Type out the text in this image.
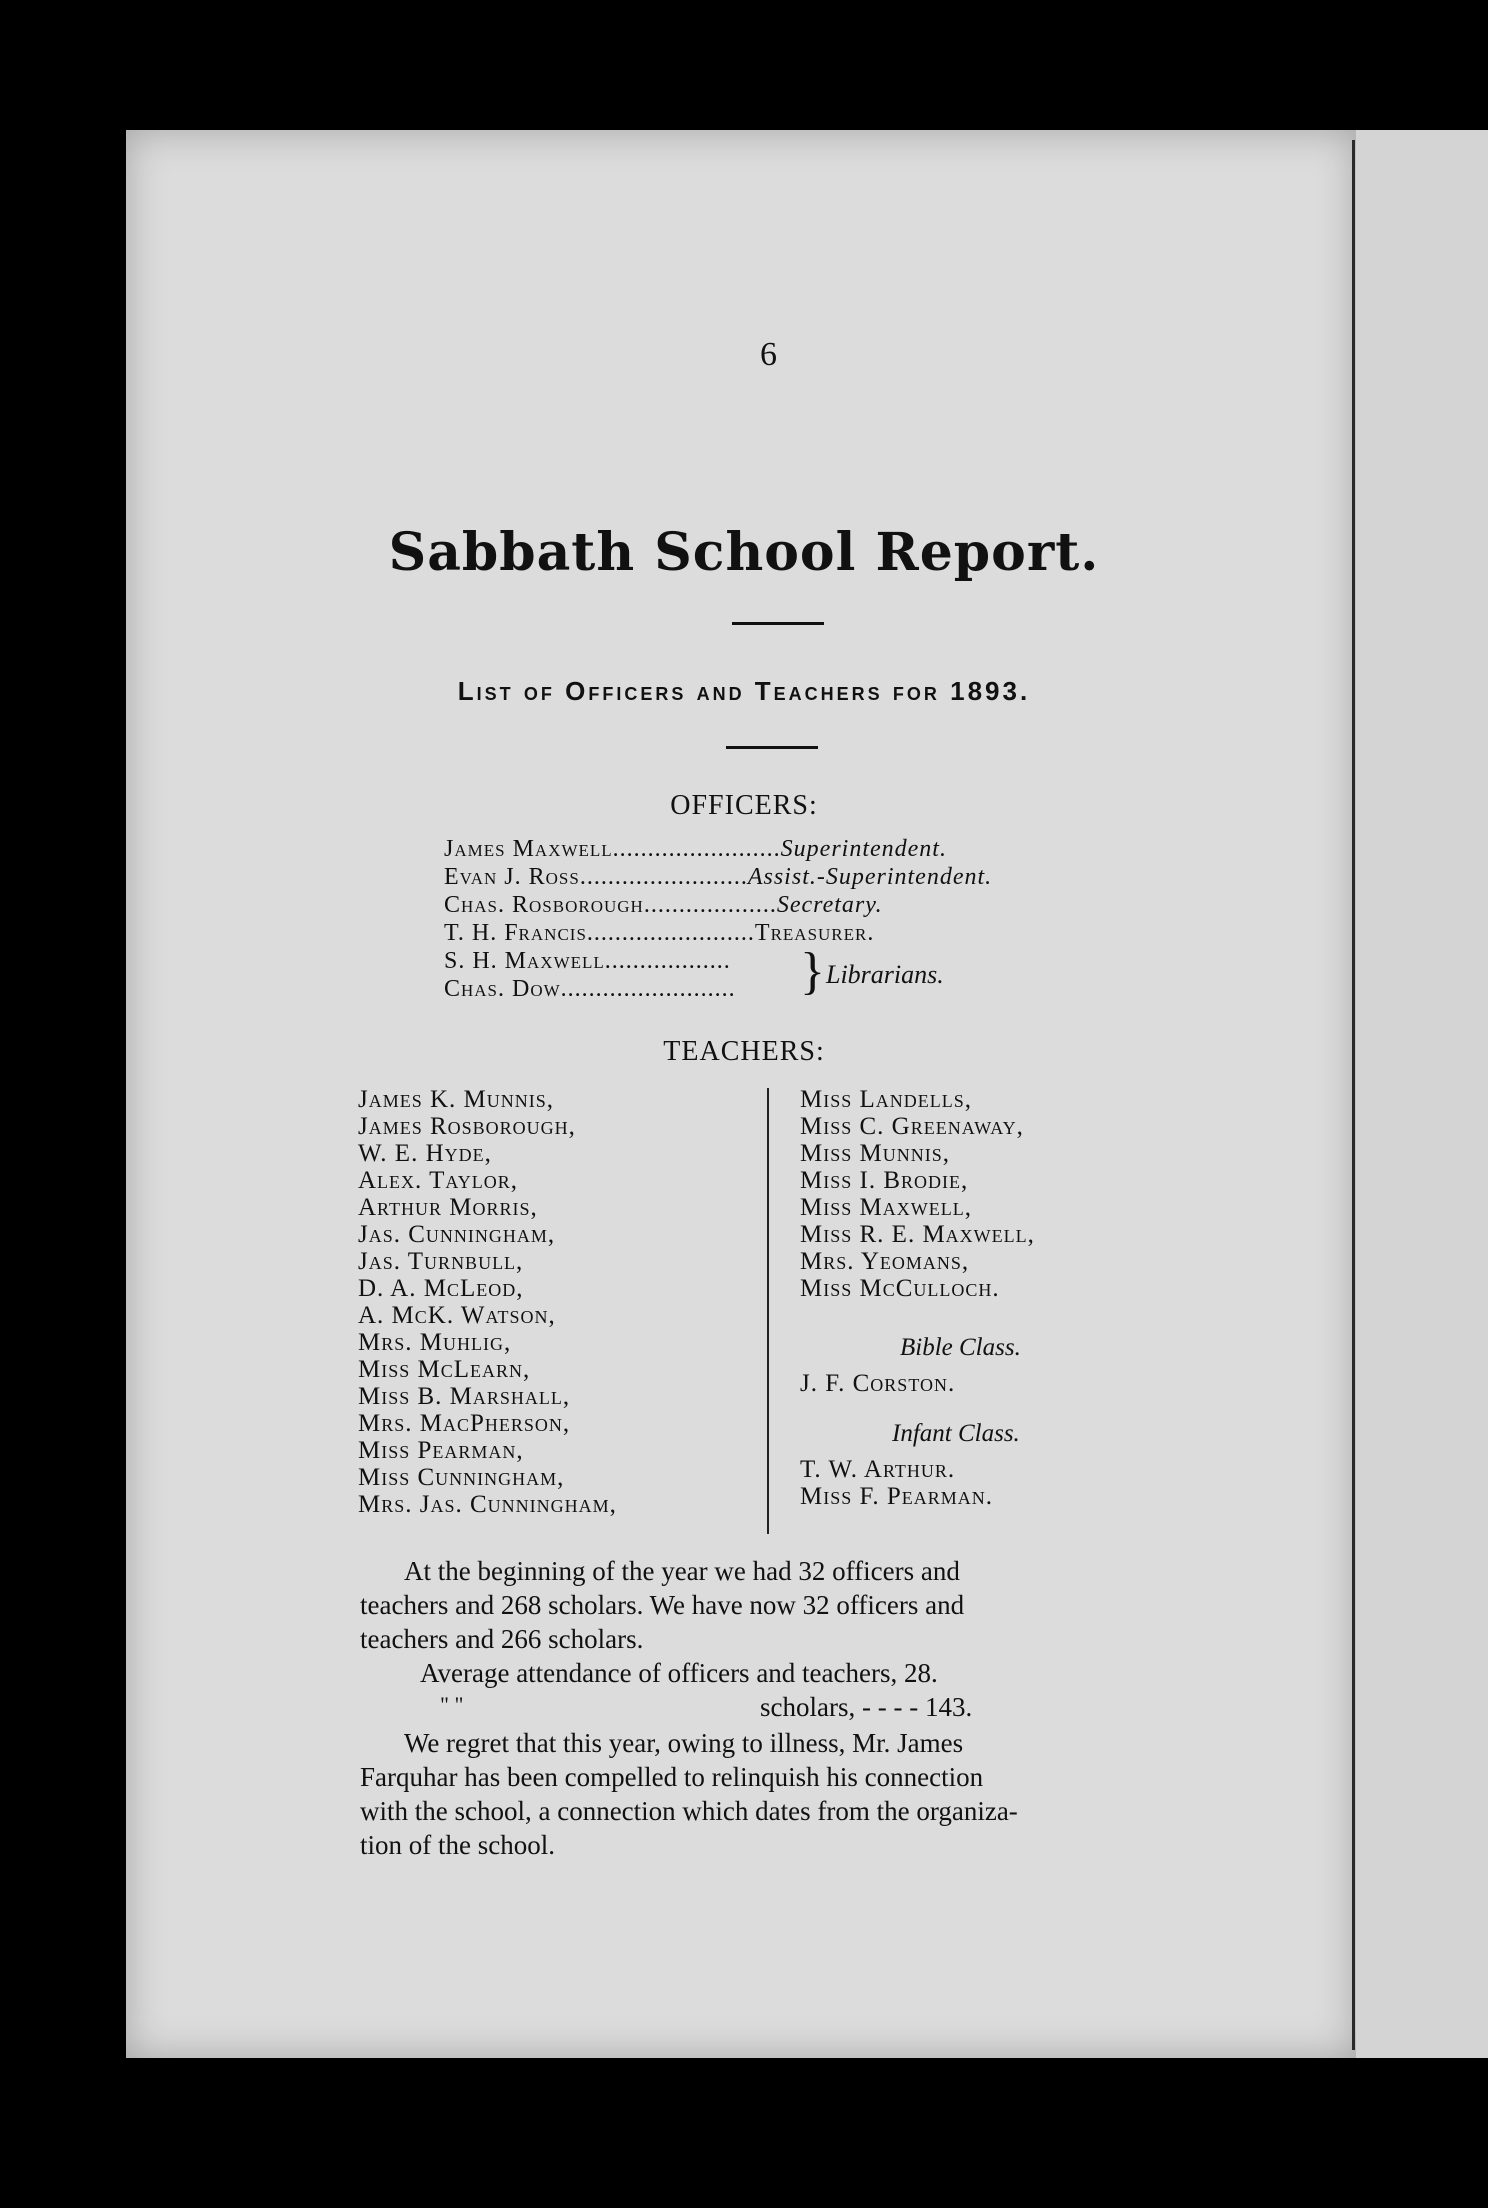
6
Sabbath School Report.
List of Officers and Teachers for 1893.
OFFICERS:
James Maxwell........................Superintendent.
Evan J. Ross........................Assist.-Superintendent.
Chas. Rosborough...................Secretary.
T. H. Francis........................Treasurer.
S. H. Maxwell..................
Chas. Dow......................... } Librarians.
TEACHERS:
James K. Munnis,
James Rosborough,
W. E. Hyde,
Alex. Taylor,
Arthur Morris,
Jas. Cunningham,
Jas. Turnbull,
D. A. McLeod,
A. McK. Watson,
Mrs. Muhlig,
Miss McLearn,
Miss B. Marshall,
Mrs. MacPherson,
Miss Pearman,
Miss Cunningham,
Mrs. Jas. Cunningham,
Miss Landells,
Miss C. Greenaway,
Miss Munnis,
Miss I. Brodie,
Miss Maxwell,
Miss R. E. Maxwell,
Mrs. Yeomans,
Miss McCulloch.
Bible Class.
J. F. Corston.
Infant Class.
T. W. Arthur.
Miss F. Pearman.
At the beginning of the year we had 32 officers and
teachers and 268 scholars. We have now 32 officers and
teachers and 266 scholars.
Average attendance of officers and teachers, 28.
" "	scholars, - - - - 143.
We regret that this year, owing to illness, Mr. James
Farquhar has been compelled to relinquish his connection
with the school, a connection which dates from the organiza-
tion of the school.
